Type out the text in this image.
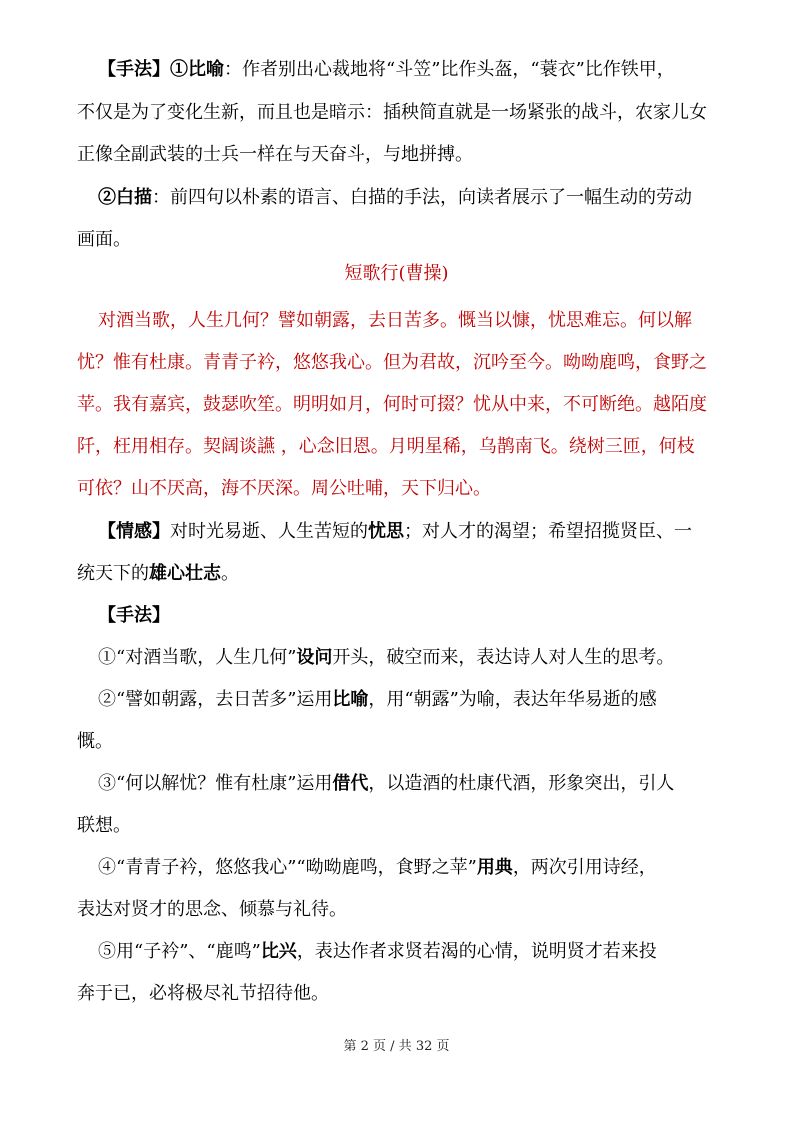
【手法】①比喻：作者别出心裁地将“斗笠”比作头盔，“蓑衣”比作铁甲，
不仅是为了变化生新，而且也是暗示：插秧简直就是一场紧张的战斗，农家儿女
正像全副武装的士兵一样在与天奋斗，与地拼搏。
②白描：前四句以朴素的语言、白描的手法，向读者展示了一幅生动的劳动
画面。
短歌行(曹操)
对酒当歌，人生几何？譬如朝露，去日苦多。慨当以慷，忧思难忘。何以解
忧？惟有杜康。青青子衿，悠悠我心。但为君故，沉吟至今。呦呦鹿鸣，食野之
苹。我有嘉宾，鼓瑟吹笙。明明如月，何时可掇？忧从中来，不可断绝。越陌度
阡，枉用相存。契阔谈讌 ，心念旧恩。月明星稀，乌鹊南飞。绕树三匝，何枝
可依？山不厌高，海不厌深。周公吐哺，天下归心。
【情感】对时光易逝、人生苦短的忧思；对人才的渴望；希望招揽贤臣、一
统天下的雄心壮志。
【手法】
①“对酒当歌，人生几何”设问开头，破空而来，表达诗人对人生的思考。
②“譬如朝露，去日苦多”运用比喻，用“朝露”为喻，表达年华易逝的感
慨。
③“何以解忧？惟有杜康”运用借代，以造酒的杜康代酒，形象突出，引人
联想。
④“青青子衿，悠悠我心”“呦呦鹿鸣，食野之苹”用典，两次引用诗经，
表达对贤才的思念、倾慕与礼待。
⑤用“子衿”、“鹿鸣”比兴，表达作者求贤若渴的心情，说明贤才若来投
奔于已，必将极尽礼节招待他。
第 2 页 / 共 32 页
